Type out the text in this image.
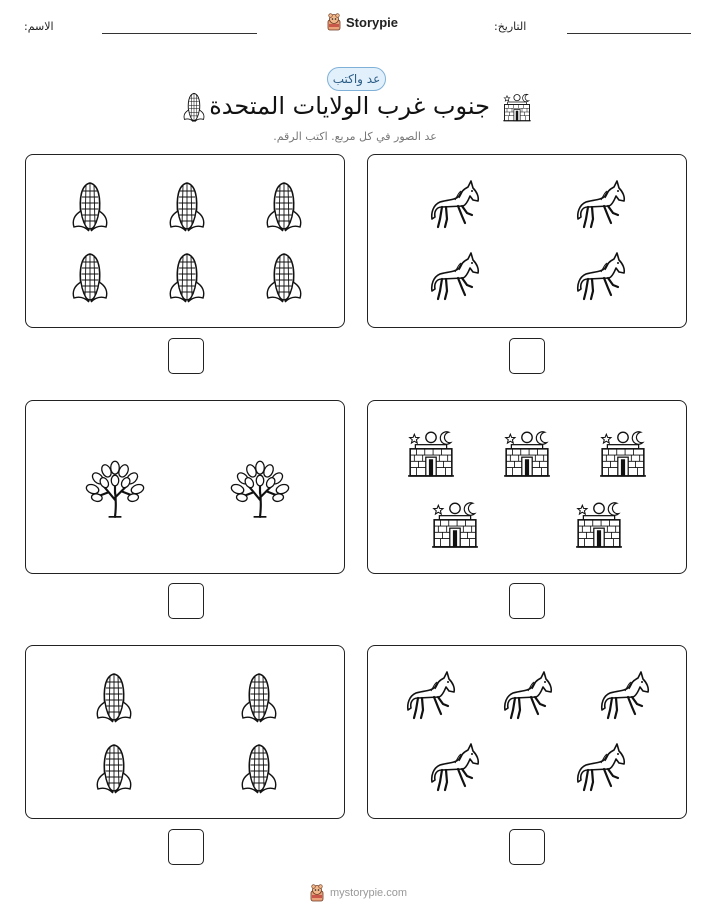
الاسم:	Storypie	التاريخ:
عد واكتب
جنوب غرب الولايات المتحدة
عد الصور في كل مربع. اكتب الرقم.
mystorypie.com
